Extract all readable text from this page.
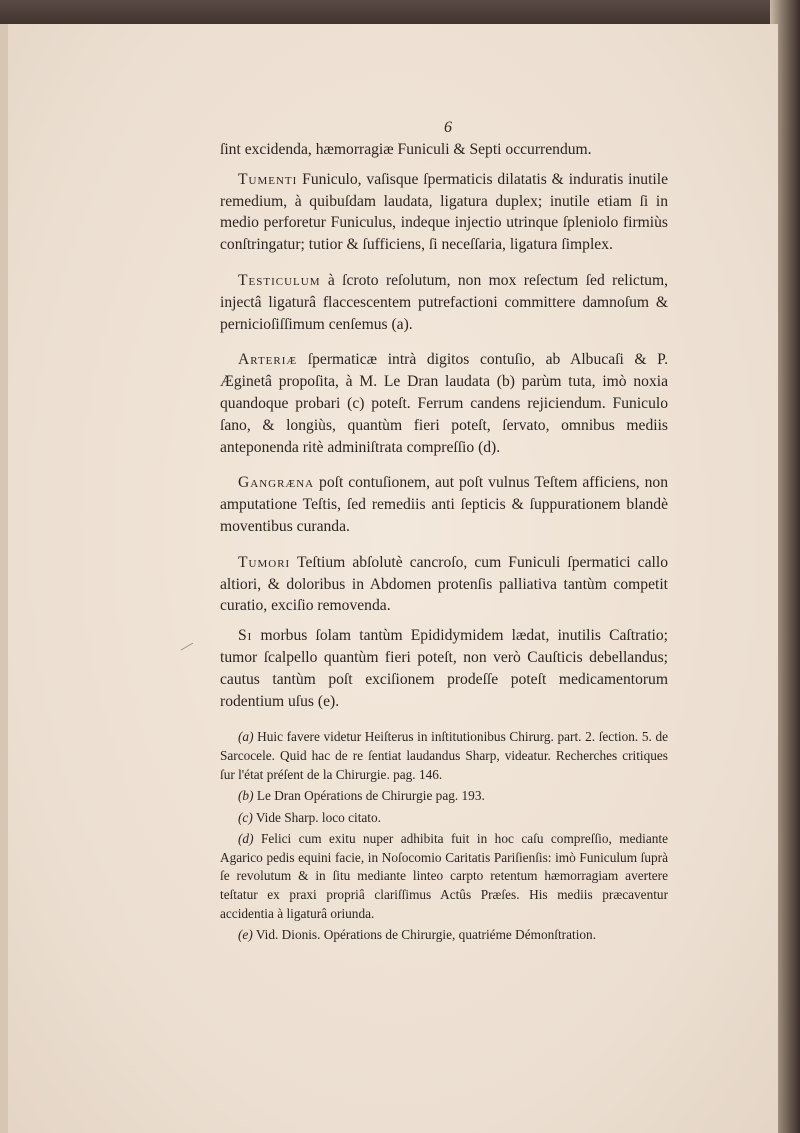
6

ſint excidenda, hæmorragiæ Funiculi & Septi occurrendum.

Tumenti Funiculo, vaſisque ſpermaticis dilatatis & induratis inutile remedium, à quibuſdam laudata, ligatura duplex; inutile etiam ſi in medio perforetur Funiculus, indeque injectio utrinque ſpleniolo firmiùs conſtringatur; tutior & ſufficiens, ſi neceſſaria, ligatura ſimplex.

Testiculum à ſcroto reſolutum, non mox reſectum ſed relictum, injectâ ligaturâ flaccescentem putrefactioni committere damnoſum & pernicioſiſſimum cenſemus (a).

Arteriæ ſpermaticæ intrà digitos contuſio, ab Albucaſi & P. Æginetâ propoſita, à M. Le Dran laudata (b) parùm tuta, imò noxia quandoque probari (c) poteſt. Ferrum candens rejiciendum. Funiculo ſano, & longiùs, quantùm fieri poteſt, ſervato, omnibus mediis anteponenda ritè adminiſtrata compreſſio (d).

Gangræna poſt contuſionem, aut poſt vulnus Teſtem afficiens, non amputatione Teſtis, ſed remediis anti ſepticis & ſuppurationem blandè moventibus curanda.

Tumori Teſtium abſolutè cancroſo, cum Funiculi ſpermatici callo altiori, & doloribus in Abdomen protenſis palliativa tantùm competit curatio, exciſio removenda.

Si morbus ſolam tantùm Epididymidem lædat, inutilis Caſtratio; tumor ſcalpello quantùm fieri poteſt, non verò Cauſticis debellandus; cautus tantùm poſt exciſionem prodeſſe poteſt medicamentorum rodentium uſus (e).

(a) Huic favere videtur Heiſterus in inſtitutionibus Chirurg. part. 2. ſection. 5. de Sarcocele. Quid hac de re ſentiat laudandus Sharp, videatur. Recherches critiques ſur l'état préſent de la Chirurgie. pag. 146.

(b) Le Dran Opérations de Chirurgie pag. 193.

(c) Vide Sharp. loco citato.

(d) Felici cum exitu nuper adhibita fuit in hoc caſu compreſſio, mediante Agarico pedis equini facie, in Noſocomio Caritatis Pariſienſis: imò Funiculum ſuprà ſe revolutum & in ſitu mediante linteo carpto retentum hæmorragiam avertere teſtatur ex praxi propriâ clariſſimus Actûs Præſes. His mediis præcaventur accidentia à ligaturâ oriunda.

(e) Vid. Dionis. Opérations de Chirurgie, quatriéme Démonſtration.
